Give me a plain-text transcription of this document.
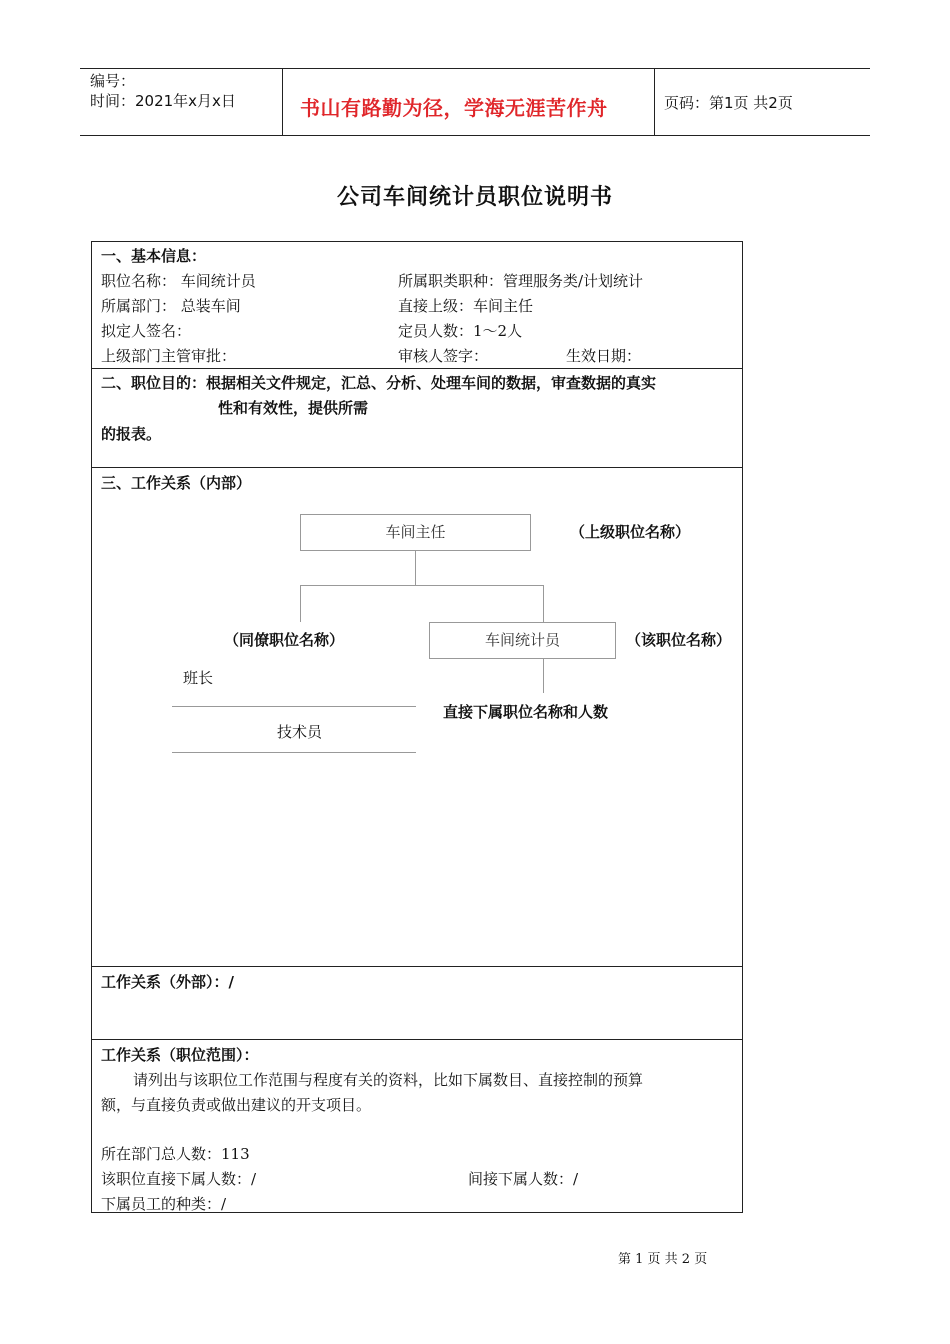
编号：
时间：2021年x月x日	书山有路勤为径，学海无涯苦作舟	页码：第1页 共2页
公司车间统计员职位说明书
一、基本信息：
职位名称： 车间统计员	所属职类职种：管理服务类/计划统计
所属部门： 总装车间	直接上级：车间主任
拟定人签名：	定员人数：1～2人
上级部门主管审批：	审核人签字：	生效日期：
二、职位目的：根据相关文件规定，汇总、分析、处理车间的数据，审查数据的真实
性和有效性，提供所需
的报表。
三、工作关系（内部）
车间主任	（上级职位名称）
（同僚职位名称）	车间统计员	（该职位名称）
班长
技术员
直接下属职位名称和人数
工作关系（外部）：/
工作关系（职位范围）：
请列出与该职位工作范围与程度有关的资料，比如下属数目、直接控制的预算
额，与直接负责或做出建议的开支项目。
所在部门总人数：113
该职位直接下属人数：/	间接下属人数：/
下属员工的种类：/
第 1 页 共 2 页
